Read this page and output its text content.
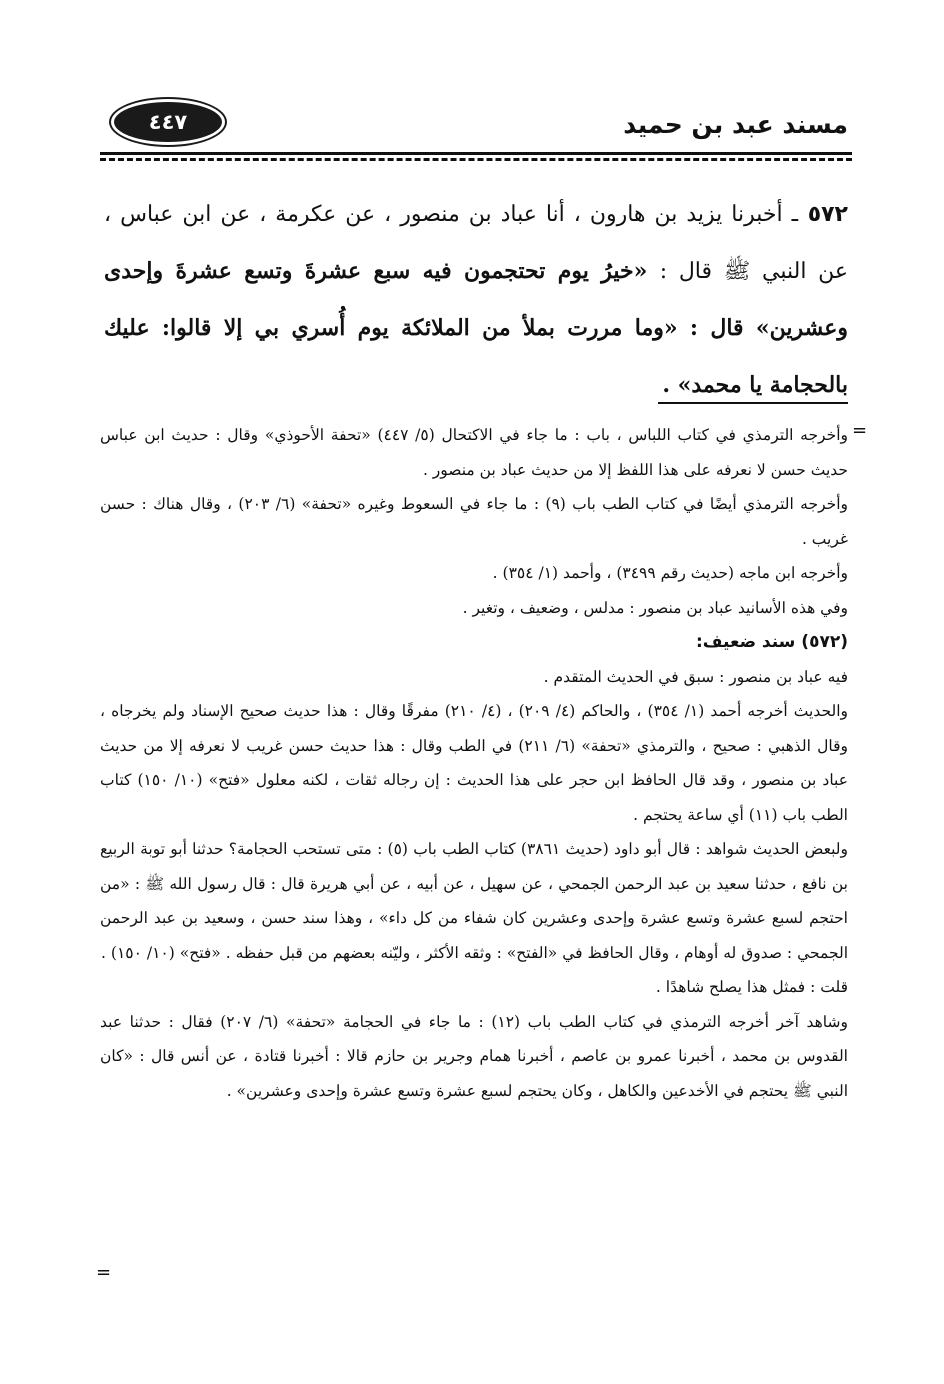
٤٤٧	مسند عبد بن حميد
٥٧٢ ـ أخبرنا يزيد بن هارون ، أنا عباد بن منصور ، عن عكرمة ، عن ابن عباس ، عن النبي ﷺ قال : «خيرُ يوم تحتجمون فيه سبع عشرةَ وتسع عشرةَ وإحدى وعشرين» قال : «وما مررت بملأ من الملائكة يوم أُسري بي إلا قالوا: عليك بالحجامة يا محمد» .
=

وأخرجه الترمذي في كتاب اللباس ، باب : ما جاء في الاكتحال (٥/ ٤٤٧) «تحفة الأحوذي» وقال : حديث ابن عباس حديث حسن لا نعرفه على هذا اللفظ إلا من حديث عباد بن منصور .

وأخرجه الترمذي أيضًا في كتاب الطب باب (٩) : ما جاء في السعوط وغيره «تحفة» (٦/ ٢٠٣) ، وقال هناك : حسن غريب .

وأخرجه ابن ماجه (حديث رقم ٣٤٩٩) ، وأحمد (١/ ٣٥٤) .

وفي هذه الأسانيد عباد بن منصور : مدلس ، وضعيف ، وتغير .

(٥٧٢) سند ضعيف:

فيه عباد بن منصور : سبق في الحديث المتقدم .

والحديث أخرجه أحمد (١/ ٣٥٤) ، والحاكم (٤/ ٢٠٩) ، (٤/ ٢١٠) مفرقًا وقال : هذا حديث صحيح الإسناد ولم يخرجاه ، وقال الذهبي : صحيح ، والترمذي «تحفة» (٦/ ٢١١) في الطب وقال : هذا حديث حسن غريب لا نعرفه إلا من حديث عباد بن منصور ، وقد قال الحافظ ابن حجر على هذا الحديث : إن رجاله ثقات ، لكنه معلول «فتح» (١٠/ ١٥٠) كتاب الطب باب (١١) أي ساعة يحتجم .

ولبعض الحديث شواهد : قال أبو داود (حديث ٣٨٦١) كتاب الطب باب (٥) : متى تستحب الحجامة؟ حدثنا أبو توبة الربيع بن نافع ، حدثنا سعيد بن عبد الرحمن الجمحي ، عن سهيل ، عن أبيه ، عن أبي هريرة قال : قال رسول الله ﷺ : «من احتجم لسبع عشرة وتسع عشرة وإحدى وعشرين كان شفاء من كل داء» ، وهذا سند حسن ، وسعيد بن عبد الرحمن الجمحي : صدوق له أوهام ، وقال الحافظ في «الفتح» : وثقه الأكثر ، وليّنه بعضهم من قبل حفظه . «فتح» (١٠/ ١٥٠) .

قلت : فمثل هذا يصلح شاهدًا .

وشاهد آخر أخرجه الترمذي في كتاب الطب باب (١٢) : ما جاء في الحجامة «تحفة» (٦/ ٢٠٧) فقال : حدثنا عبد القدوس بن محمد ، أخبرنا عمرو بن عاصم ، أخبرنا همام وجرير بن حازم قالا : أخبرنا قتادة ، عن أنس قال : «كان النبي ﷺ يحتجم في الأخدعين والكاهل ، وكان يحتجم لسبع عشرة وتسع عشرة وإحدى وعشرين» .

=
